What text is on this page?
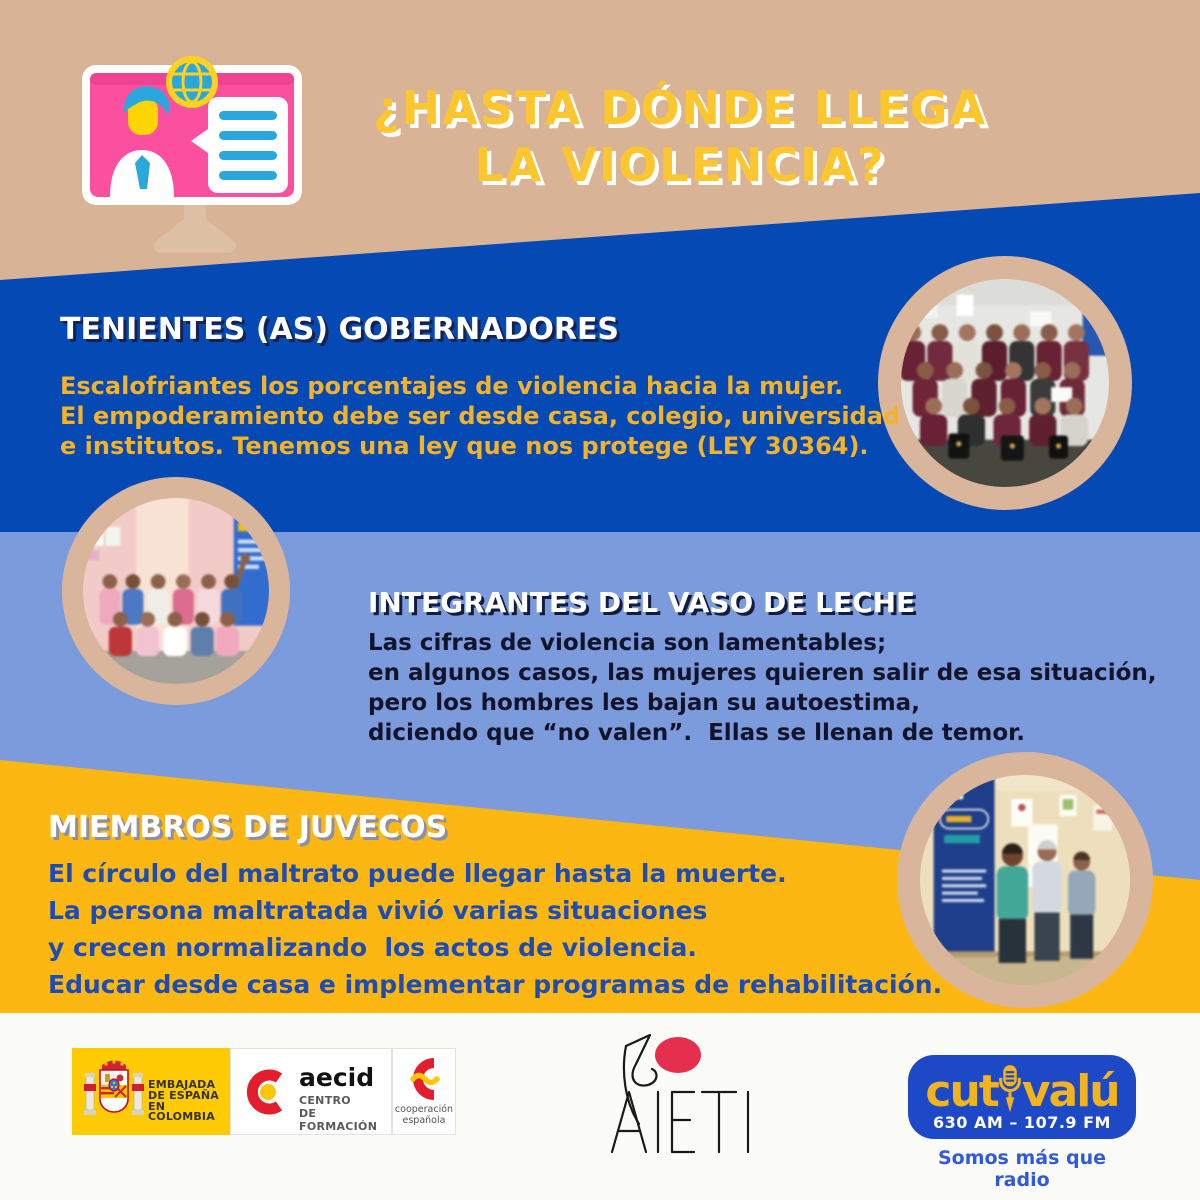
¿HASTA DÓNDE LLEGA
LA VIOLENCIA?
TENIENTES (AS) GOBERNADORES
Escalofriantes los porcentajes de violencia hacia la mujer.
El empoderamiento debe ser desde casa, colegio, universidad
e institutos. Tenemos una ley que nos protege (LEY 30364).
INTEGRANTES DEL VASO DE LECHE
Las cifras de violencia son lamentables;
en algunos casos, las mujeres quieren salir de esa situación,
pero los hombres les bajan su autoestima,
diciendo que “no valen”.  Ellas se llenan de temor.
MIEMBROS DE JUVECOS
El círculo del maltrato puede llegar hasta la muerte.
La persona maltratada vivió varias situaciones
y crecen normalizando  los actos de violencia.
Educar desde casa e implementar programas de rehabilitación.
EMBAJADA
DE ESPAÑA
EN COLOMBIA
aecid
CENTRO
DE FORMACIÓN
cooperación
española
cut valú
630 AM – 107.9 FM
Somos más que radio
